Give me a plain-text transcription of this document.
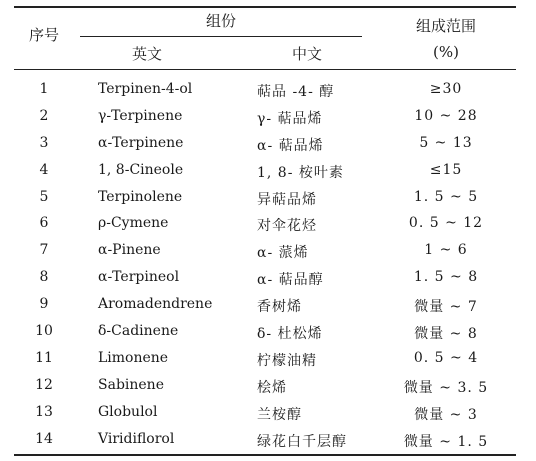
序号
组份
英文	中文
组成范围
(%)
1	Terpinen-4-ol	萜品 -4- 醇	≥30
2	γ-Terpinene	γ- 萜品烯	10 ~ 28
3	α-Terpinene	α- 萜品烯	5 ~ 13
4	1, 8-Cineole	1, 8- 桉叶素	≤15
5	Terpinolene	异萜品烯	1. 5 ~ 5
6	ρ-Cymene	对伞花烃	0. 5 ~ 12
7	α-Pinene	α- 蒎烯	1 ~ 6
8	α-Terpineol	α- 萜品醇	1. 5 ~ 8
9	Aromadendrene	香树烯	微量 ~ 7
10	δ-Cadinene	δ- 杜松烯	微量 ~ 8
11	Limonene	柠檬油精	0. 5 ~ 4
12	Sabinene	桧烯	微量 ~ 3. 5
13	Globulol	兰桉醇	微量 ~ 3
14	Viridiflorol	绿花白千层醇	微量 ~ 1. 5
